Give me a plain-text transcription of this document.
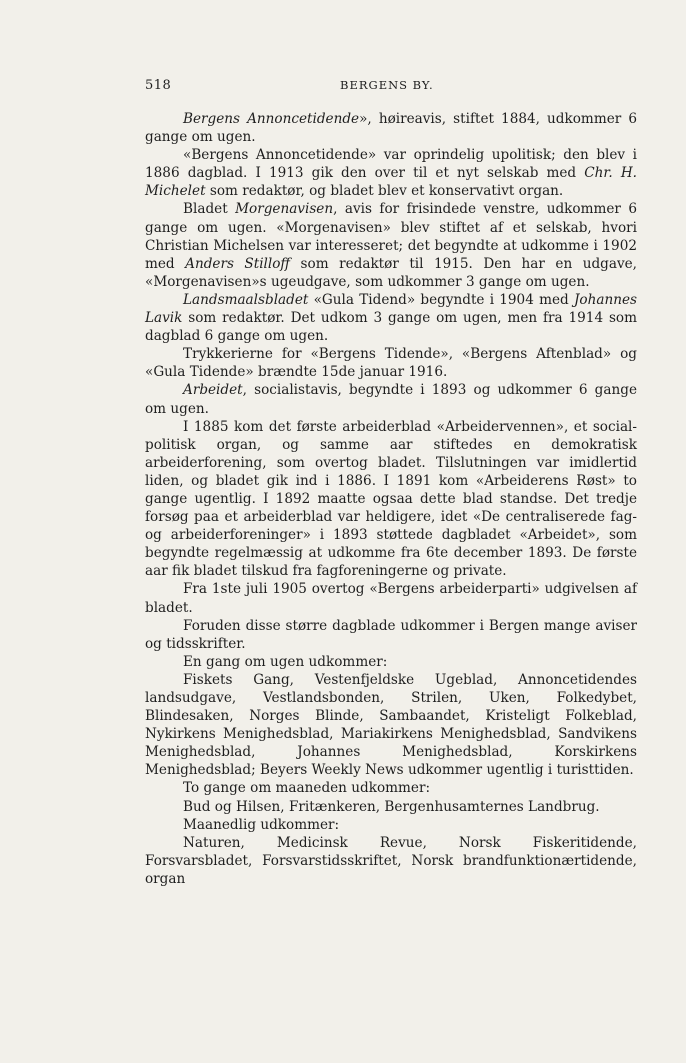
518	BERGENS BY.

Bergens Annoncetidende», høireavis, stiftet 1884, udkommer 6 gange om ugen.

«Bergens Annoncetidende» var oprindelig upolitisk; den blev i 1886 dagblad. I 1913 gik den over til et nyt selskab med Chr. H. Michelet som redaktør, og bladet blev et konservativt organ.

Bladet Morgenavisen, avis for frisindede venstre, udkommer 6 gange om ugen. «Morgenavisen» blev stiftet af et selskab, hvori Christian Michelsen var interesseret; det begyndte at udkomme i 1902 med Anders Stilloff som redaktør til 1915. Den har en udgave, «Morgenavisen»s ugeudgave, som udkommer 3 gange om ugen.

Landsmaalsbladet «Gula Tidend» begyndte i 1904 med Johannes Lavik som redaktør. Det udkom 3 gange om ugen, men fra 1914 som dagblad 6 gange om ugen.

Trykkerierne for «Bergens Tidende», «Bergens Aftenblad» og «Gula Tidende» brændte 15de januar 1916.

Arbeidet, socialistavis, begyndte i 1893 og udkommer 6 gange om ugen.

I 1885 kom det første arbeiderblad «Arbeidervennen», et social-politisk organ, og samme aar stiftedes en demokratisk arbeiderforening, som overtog bladet. Tilslutningen var imidlertid liden, og bladet gik ind i 1886. I 1891 kom «Arbeiderens Røst» to gange ugentlig. I 1892 maatte ogsaa dette blad standse. Det tredje forsøg paa et arbeiderblad var heldigere, idet «De centraliserede fag- og arbeiderforeninger» i 1893 støttede dagbladet «Arbeidet», som begyndte regelmæssig at udkomme fra 6te december 1893. De første aar fik bladet tilskud fra fagforeningerne og private.

Fra 1ste juli 1905 overtog «Bergens arbeiderparti» udgivelsen af bladet.

Foruden disse større dagblade udkommer i Bergen mange aviser og tidsskrifter.

En gang om ugen udkommer:

Fiskets Gang, Vestenfjeldske Ugeblad, Annoncetidendes landsudgave, Vestlandsbonden, Strilen, Uken, Folkedybet, Blindesaken, Norges Blinde, Sambaandet, Kristeligt Folkeblad, Nykirkens Menighedsblad, Mariakirkens Menighedsblad, Sandvikens Menighedsblad, Johannes Menighedsblad, Korskirkens Menighedsblad; Beyers Weekly News udkommer ugentlig i turisttiden.

To gange om maaneden udkommer:

Bud og Hilsen, Fritænkeren, Bergenhusamternes Landbrug.

Maanedlig udkommer:

Naturen, Medicinsk Revue, Norsk Fiskeritidende, Forsvarsbladet, Forsvarstidsskriftet, Norsk brandfunktionærtidende, organ
